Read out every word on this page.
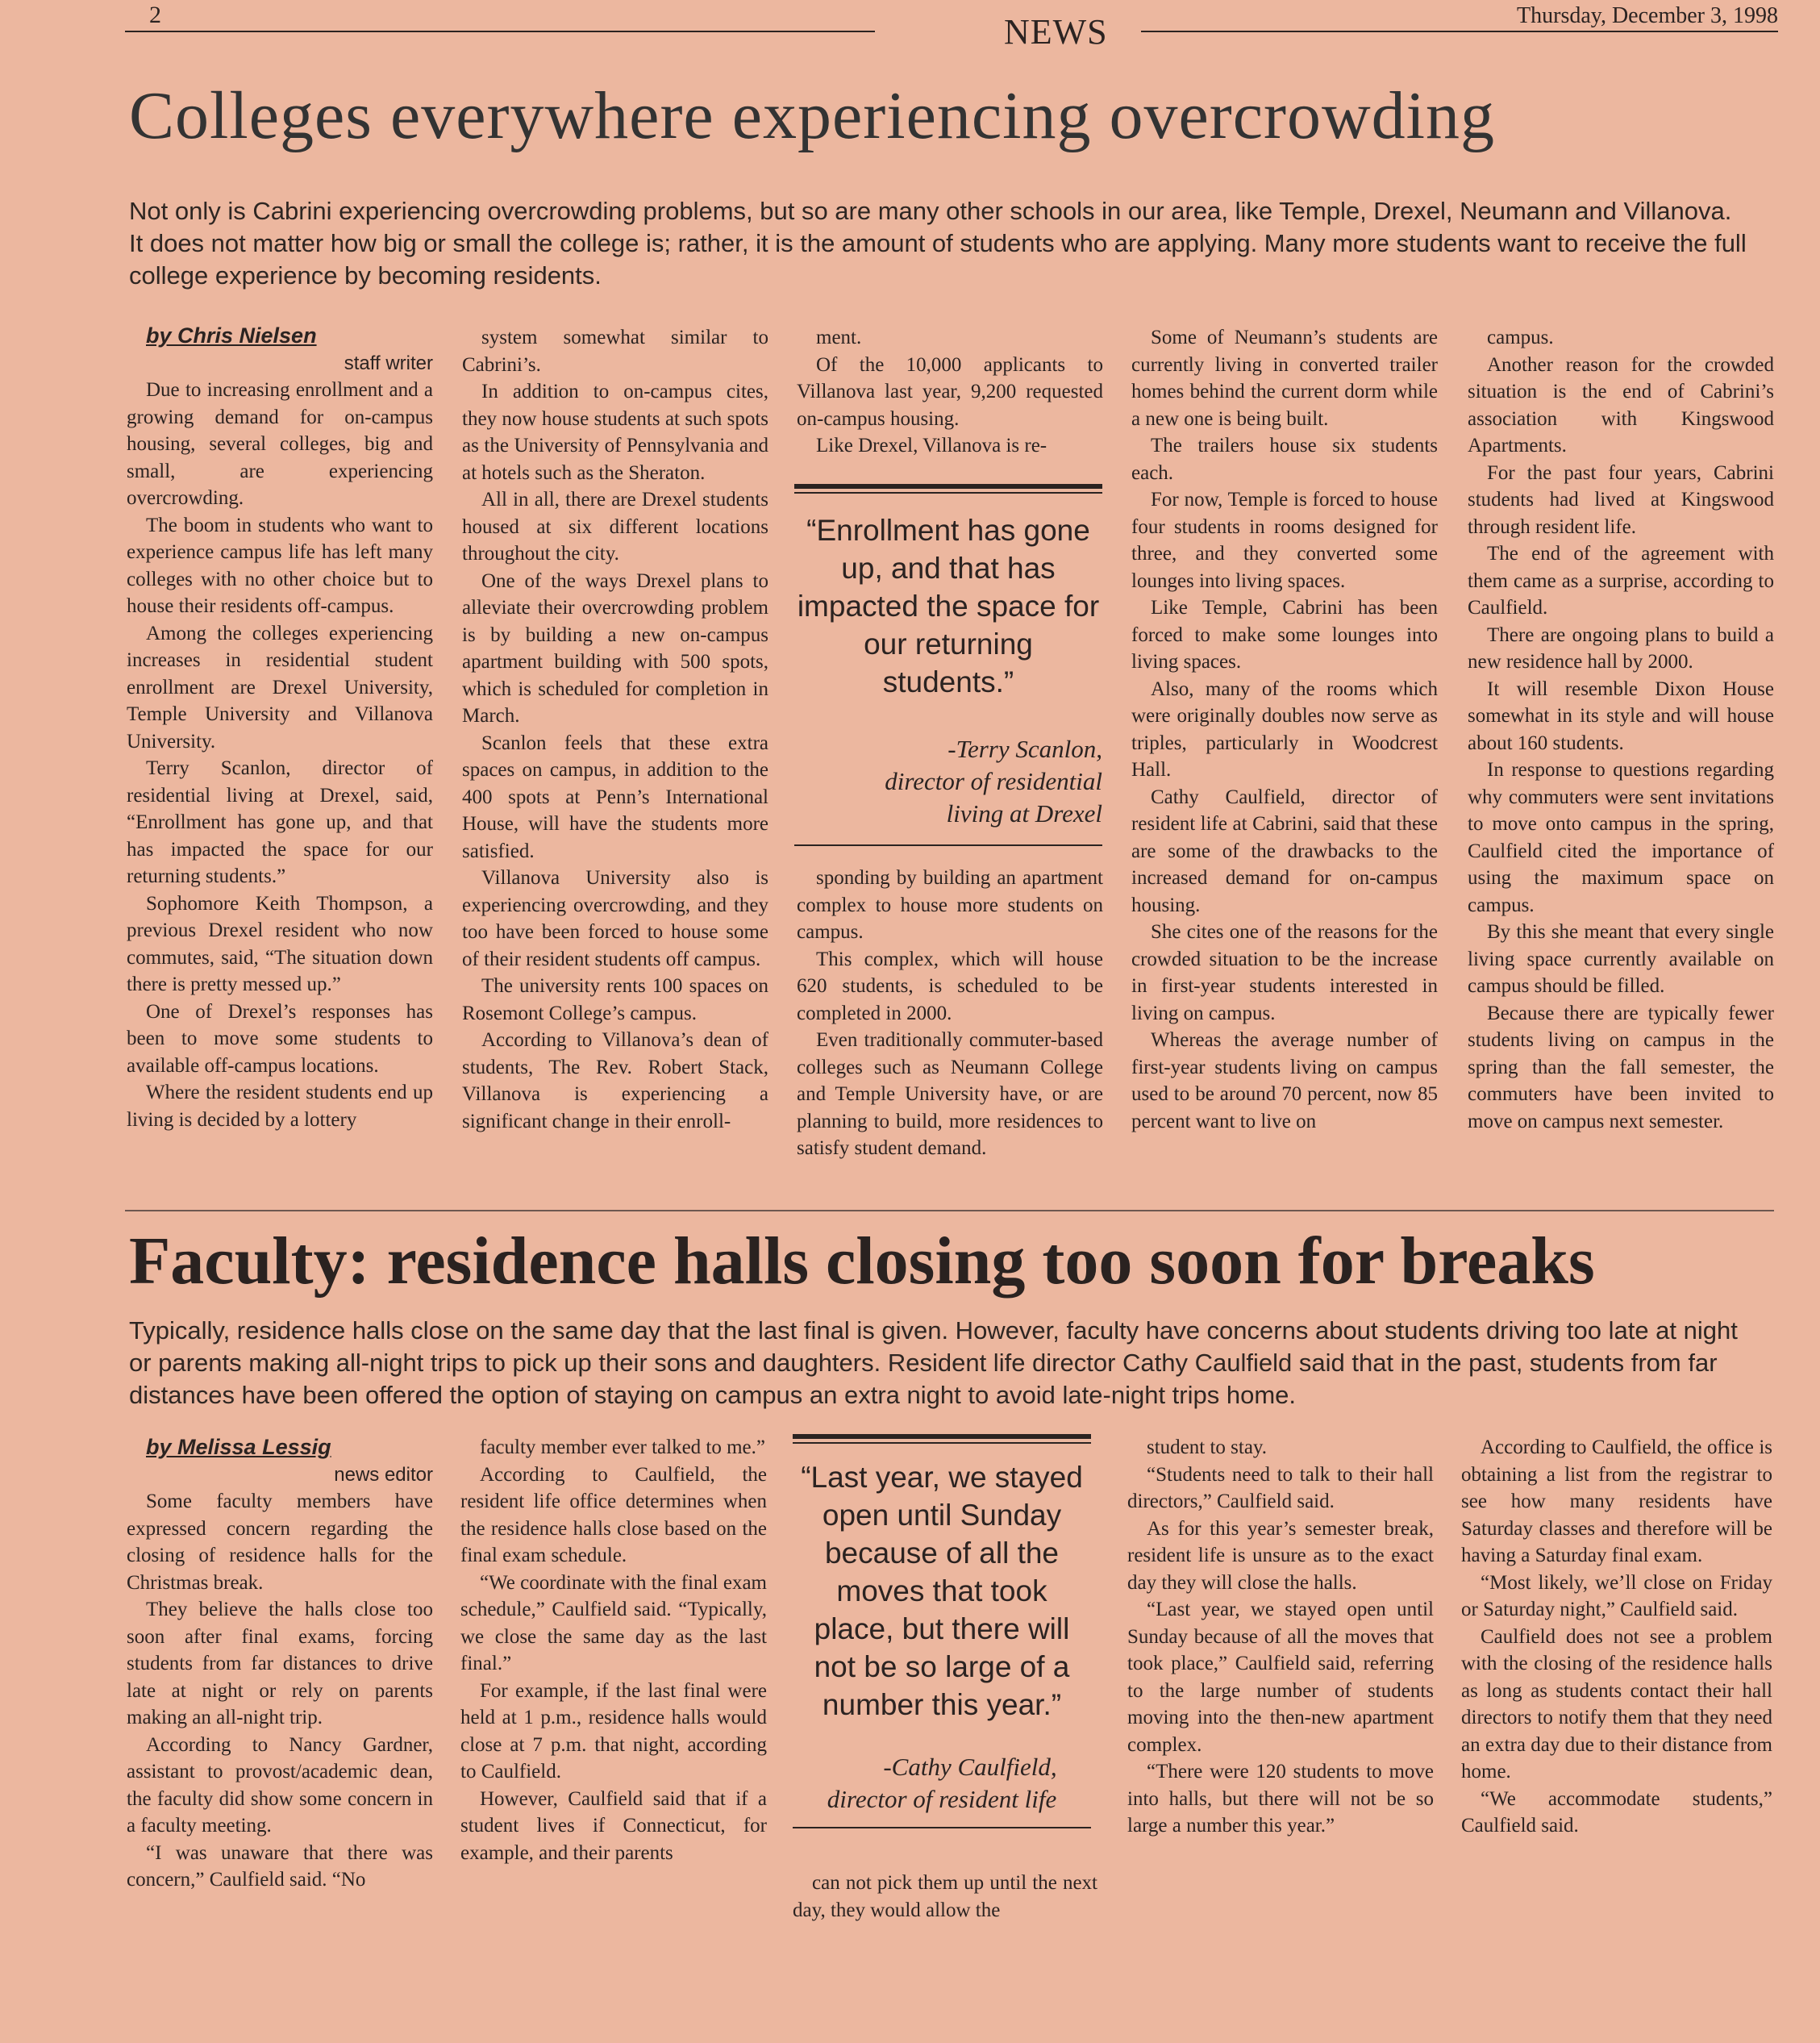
2	NEWS	Thursday, December 3, 1998
Colleges everywhere experiencing overcrowding

Not only is Cabrini experiencing overcrowding problems, but so are many other schools in our area, like Temple, Drexel, Neumann and Villanova. It does not matter how big or small the college is; rather, it is the amount of students who are applying. Many more students want to receive the full college experience by becoming residents.

by Chris Nielsen

staff writer

Due to increasing enrollment and a growing demand for on-campus housing, several colleges, big and small, are experiencing overcrowding.

The boom in students who want to experience campus life has left many colleges with no other choice but to house their residents off-campus.

Among the colleges experiencing increases in residential student enrollment are Drexel University, Temple University and Villanova University.

Terry Scanlon, director of residential living at Drexel, said, “Enrollment has gone up, and that has impacted the space for our returning students.”

Sophomore Keith Thompson, a previous Drexel resident who now commutes, said, “The situation down there is pretty messed up.”

One of Drexel’s responses has been to move some students to available off-campus locations.

Where the resident students end up living is decided by a lottery

system somewhat similar to Cabrini’s.

In addition to on-campus cites, they now house students at such spots as the University of Pennsylvania and at hotels such as the Sheraton.

All in all, there are Drexel students housed at six different locations throughout the city.

One of the ways Drexel plans to alleviate their overcrowding problem is by building a new on-campus apartment building with 500 spots, which is scheduled for completion in March.

Scanlon feels that these extra spaces on campus, in addition to the 400 spots at Penn’s International House, will have the students more satisfied.

Villanova University also is experiencing overcrowding, and they too have been forced to house some of their resident students off campus.

The university rents 100 spaces on Rosemont College’s campus.

According to Villanova’s dean of students, The Rev. Robert Stack, Villanova is experiencing a significant change in their enroll-

ment.

Of the 10,000 applicants to Villanova last year, 9,200 requested on-campus housing.

Like Drexel, Villanova is re-

“Enrollment has gone up, and that has impacted the space for our returning students.”
-Terry Scanlon,
director of residential living at Drexel

sponding by building an apartment complex to house more students on campus.

This complex, which will house 620 students, is scheduled to be completed in 2000.

Even traditionally commuter-based colleges such as Neumann College and Temple University have, or are planning to build, more residences to satisfy student demand.

Some of Neumann’s students are currently living in converted trailer homes behind the current dorm while a new one is being built.

The trailers house six students each.

For now, Temple is forced to house four students in rooms designed for three, and they converted some lounges into living spaces.

Like Temple, Cabrini has been forced to make some lounges into living spaces.

Also, many of the rooms which were originally doubles now serve as triples, particularly in Woodcrest Hall.

Cathy Caulfield, director of resident life at Cabrini, said that these are some of the drawbacks to the increased demand for on-campus housing.

She cites one of the reasons for the crowded situation to be the increase in first-year students interested in living on campus.

Whereas the average number of first-year students living on campus used to be around 70 percent, now 85 percent want to live on

campus.

Another reason for the crowded situation is the end of Cabrini’s association with Kingswood Apartments.

For the past four years, Cabrini students had lived at Kingswood through resident life.

The end of the agreement with them came as a surprise, according to Caulfield.

There are ongoing plans to build a new residence hall by 2000.

It will resemble Dixon House somewhat in its style and will house about 160 students.

In response to questions regarding why commuters were sent invitations to move onto campus in the spring, Caulfield cited the importance of using the maximum space on campus.

By this she meant that every single living space currently available on campus should be filled.

Because there are typically fewer students living on campus in the spring than the fall semester, the commuters have been invited to move on campus next semester.

Faculty: residence halls closing too soon for breaks

Typically, residence halls close on the same day that the last final is given. However, faculty have concerns about students driving too late at night or parents making all-night trips to pick up their sons and daughters. Resident life director Cathy Caulfield said that in the past, students from far distances have been offered the option of staying on campus an extra night to avoid late-night trips home.

by Melissa Lessig

news editor

Some faculty members have expressed concern regarding the closing of residence halls for the Christmas break.

They believe the halls close too soon after final exams, forcing students from far distances to drive late at night or rely on parents making an all-night trip.

According to Nancy Gardner, assistant to provost/academic dean, the faculty did show some concern in a faculty meeting.

“I was unaware that there was concern,” Caulfield said. “No

faculty member ever talked to me.”

According to Caulfield, the resident life office determines when the residence halls close based on the final exam schedule.

“We coordinate with the final exam schedule,” Caulfield said. “Typically, we close the same day as the last final.”

For example, if the last final were held at 1 p.m., residence halls would close at 7 p.m. that night, according to Caulfield.

However, Caulfield said that if a student lives if Connecticut, for example, and their parents

“Last year, we stayed open until Sunday because of all the moves that took place, but there will not be so large of a number this year.”
-Cathy Caulfield,
director of resident life

can not pick them up until the next day, they would allow the

student to stay.

“Students need to talk to their hall directors,” Caulfield said.

As for this year’s semester break, resident life is unsure as to the exact day they will close the halls.

“Last year, we stayed open until Sunday because of all the moves that took place,” Caulfield said, referring to the large number of students moving into the then-new apartment complex.

“There were 120 students to move into halls, but there will not be so large a number this year.”

According to Caulfield, the office is obtaining a list from the registrar to see how many residents have Saturday classes and therefore will be having a Saturday final exam.

“Most likely, we’ll close on Friday or Saturday night,” Caulfield said.

Caulfield does not see a problem with the closing of the residence halls as long as students contact their hall directors to notify them that they need an extra day due to their distance from home.

“We accommodate students,” Caulfield said.
